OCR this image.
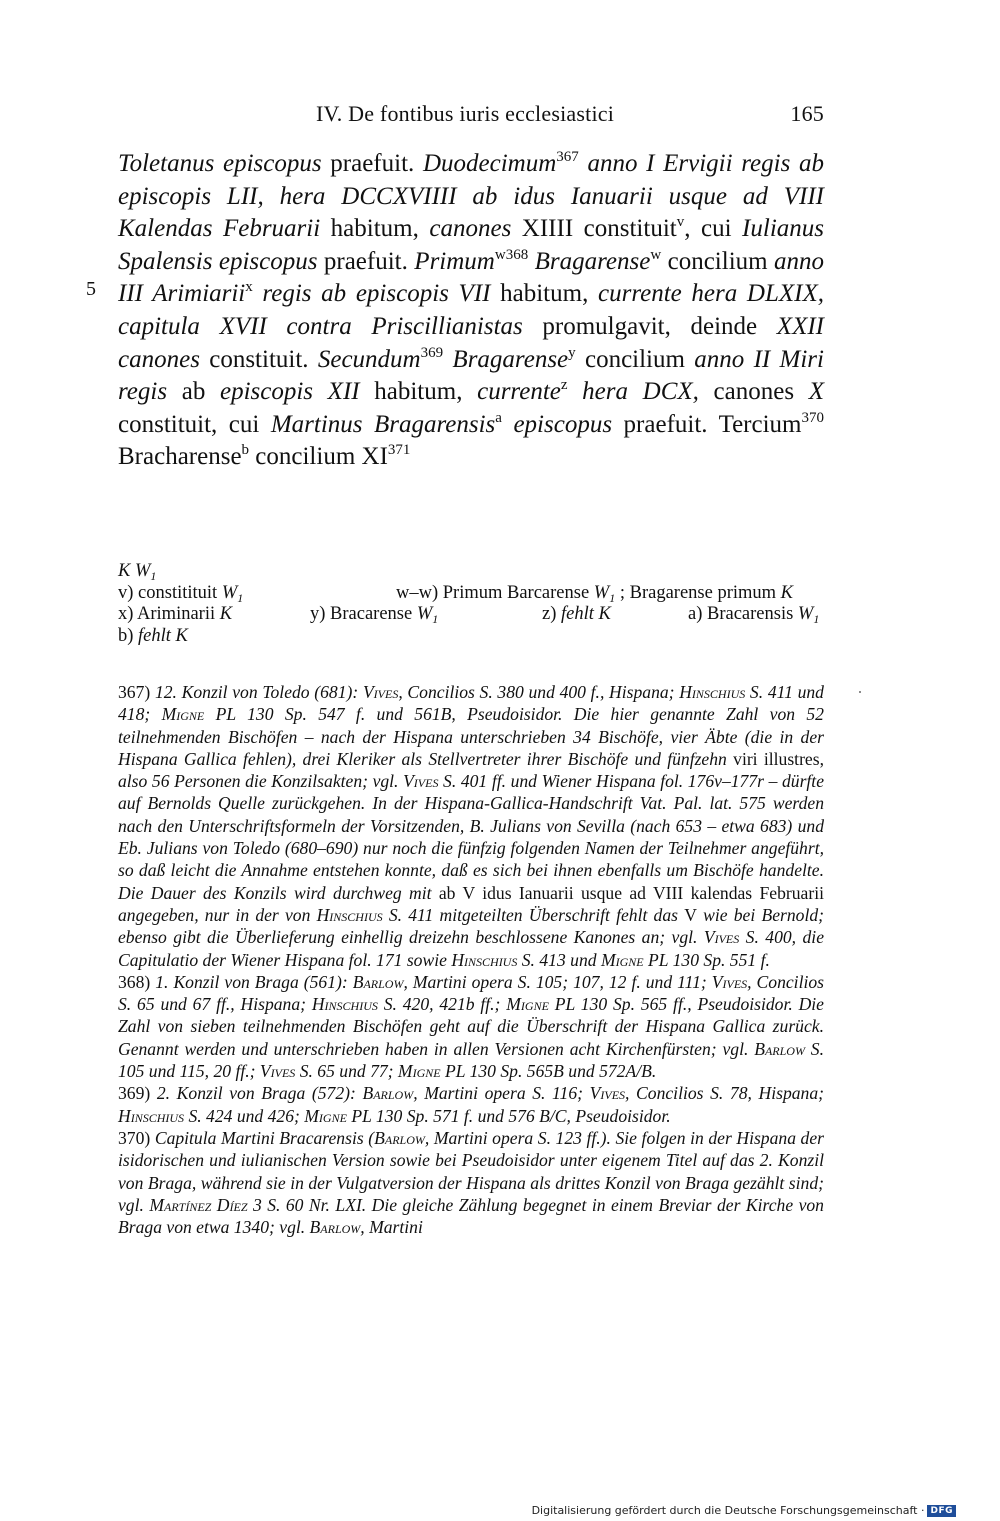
IV. De fontibus iuris ecclesiastici	165
5
Toletanus episcopus praefuit. Duodecimum$^{367}$ anno I Ervigii regis ab episcopis LII, hera DCCXVIIII ab idus Ianuarii usque ad VIII Kalendas Februarii habitum, canones XIIII constituit$^v$, cui Iulianus Spalensis episcopus praefuit. Primum$^{w368}$ Bragarense$^w$ concilium anno III Arimiarii$^x$ regis ab episcopis VII habitum, currente hera DLXIX, capitula XVII contra Priscillianistas promulgavit, deinde XXII canones constituit. Secundum$^{369}$ Bragarense$^y$ concilium anno II Miri regis ab episcopis XII habitum, currente$^z$ hera DCX, canones X constituit, cui Martinus Bragarensis$^a$ episcopus praefuit. Tercium$^{370}$ Bracharense$^b$ concilium XI$^{371}$
K $W_1$
v) constitituit $W_1$	w–w) Primum Barcarense $W_1$ ; Bragarense primum K
x) Ariminarii K	y) Bracarense $W_1$	z) fehlt K	a) Bracarensis $W_1$
b) fehlt K

367) 12. Konzil von Toledo (681): Vives, Concilios S. 380 und 400 f., Hispana; Hinschius S. 411 und 418; Migne PL 130 Sp. 547 f. und 561B, Pseudoisidor. Die hier genannte Zahl von 52 teilnehmenden Bischöfen – nach der Hispana unterschrieben 34 Bischöfe, vier Äbte (die in der Hispana Gallica fehlen), drei Kleriker als Stellvertreter ihrer Bischöfe und fünfzehn viri illustres, also 56 Personen die Konzilsakten; vgl. Vives S. 401 ff. und Wiener Hispana fol. 176v–177r – dürfte auf Bernolds Quelle zurückgehen. In der Hispana-Gallica-Handschrift Vat. Pal. lat. 575 werden nach den Unterschriftsformeln der Vorsitzenden, B. Julians von Sevilla (nach 653 – etwa 683) und Eb. Julians von Toledo (680–690) nur noch die fünfzig folgenden Namen der Teilnehmer angeführt, so daß leicht die Annahme entstehen konnte, daß es sich bei ihnen ebenfalls um Bischöfe handelte. Die Dauer des Konzils wird durchweg mit ab V idus Ianuarii usque ad VIII kalendas Februarii angegeben, nur in der von Hinschius S. 411 mitgeteilten Überschrift fehlt das V wie bei Bernold; ebenso gibt die Überlieferung einhellig dreizehn beschlossene Kanones an; vgl. Vives S. 400, die Capitulatio der Wiener Hispana fol. 171 sowie Hinschius S. 413 und Migne PL 130 Sp. 551 f.

368) 1. Konzil von Braga (561): Barlow, Martini opera S. 105; 107, 12 f. und 111; Vives, Concilios S. 65 und 67 ff., Hispana; Hinschius S. 420, 421b ff.; Migne PL 130 Sp. 565 ff., Pseudoisidor. Die Zahl von sieben teilnehmenden Bischöfen geht auf die Überschrift der Hispana Gallica zurück. Genannt werden und unterschrieben haben in allen Versionen acht Kirchenfürsten; vgl. Barlow S. 105 und 115, 20 ff.; Vives S. 65 und 77; Migne PL 130 Sp. 565B und 572A/B.

369) 2. Konzil von Braga (572): Barlow, Martini opera S. 116; Vives, Concilios S. 78, Hispana; Hinschius S. 424 und 426; Migne PL 130 Sp. 571 f. und 576 B/C, Pseudoisidor.

370) Capitula Martini Bracarensis (Barlow, Martini opera S. 123 ff.). Sie folgen in der Hispana der isidorischen und iulianischen Version sowie bei Pseudoisidor unter eigenem Titel auf das 2. Konzil von Braga, während sie in der Vulgatversion der Hispana als drittes Konzil von Braga gezählt sind; vgl. Martínez Díez 3 S. 60 Nr. LXI. Die gleiche Zählung begegnet in einem Breviar der Kirche von Braga von etwa 1340; vgl. Barlow, Martini

Digitalisierung gefördert durch die Deutsche Forschungsgemeinschaft · DFG
